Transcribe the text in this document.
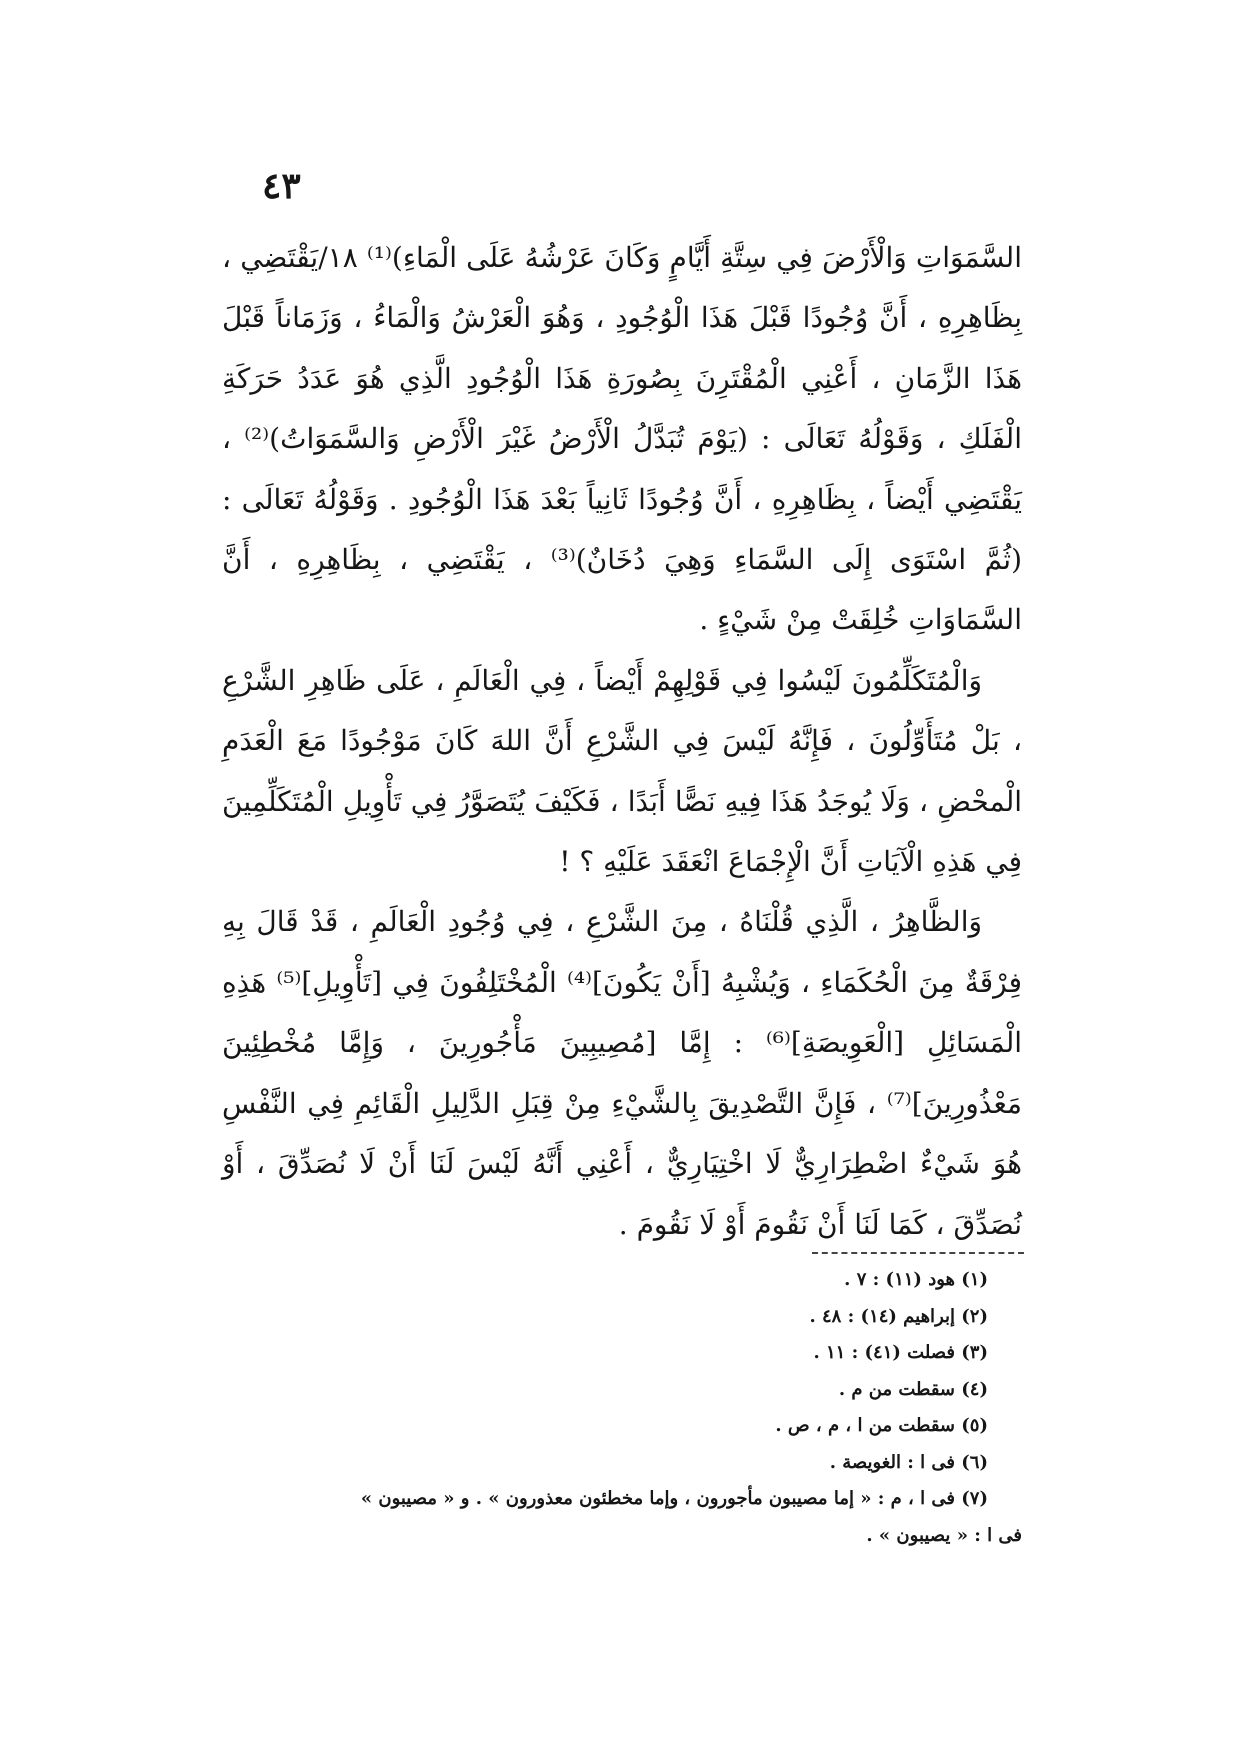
٤٣

السَّمَوَاتِ وَالْأَرْضَ فِي سِتَّةِ أَيَّامٍ وَكَانَ عَرْشُهُ عَلَى الْمَاءِ)⁽¹⁾ ١٨/يَقْتَضِي ، بِظَاهِرِهِ ، أَنَّ وُجُودًا قَبْلَ هَذَا الْوُجُودِ ، وَهُوَ الْعَرْشُ وَالْمَاءُ ، وَزَمَاناً قَبْلَ هَذَا الزَّمَانِ ، أَعْنِي الْمُقْتَرِنَ بِصُورَةِ هَذَا الْوُجُودِ الَّذِي هُوَ عَدَدُ حَرَكَةِ الْفَلَكِ ، وَقَوْلُهُ تَعَالَى : (يَوْمَ تُبَدَّلُ الْأَرْضُ غَيْرَ الْأَرْضِ وَالسَّمَوَاتُ)⁽²⁾ ، يَقْتَضِي أَيْضاً ، بِظَاهِرِهِ ، أَنَّ وُجُودًا ثَانِياً بَعْدَ هَذَا الْوُجُودِ . وَقَوْلُهُ تَعَالَى : (ثُمَّ اسْتَوَى إِلَى السَّمَاءِ وَهِيَ دُخَانٌ)⁽³⁾ ، يَقْتَضِي ، بِظَاهِرِهِ ، أَنَّ السَّمَاوَاتِ خُلِقَتْ مِنْ شَيْءٍ .

وَالْمُتَكَلِّمُونَ لَيْسُوا فِي قَوْلِهِمْ أَيْضاً ، فِي الْعَالَمِ ، عَلَى ظَاهِرِ الشَّرْعِ ، بَلْ مُتَأَوِّلُونَ ، فَإِنَّهُ لَيْسَ فِي الشَّرْعِ أَنَّ اللهَ كَانَ مَوْجُودًا مَعَ الْعَدَمِ الْمحْضِ ، وَلَا يُوجَدُ هَذَا فِيهِ نَصًّا أَبَدًا ، فَكَيْفَ يُتَصَوَّرُ فِي تَأْوِيلِ الْمُتَكَلِّمِينَ فِي هَذِهِ الْآيَاتِ أَنَّ الْإِجْمَاعَ انْعَقَدَ عَلَيْهِ ؟ !

وَالظَّاهِرُ ، الَّذِي قُلْنَاهُ ، مِنَ الشَّرْعِ ، فِي وُجُودِ الْعَالَمِ ، قَدْ قَالَ بِهِ فِرْقَةٌ مِنَ الْحُكَمَاءِ ، وَيُشْبِهُ [أَنْ يَكُونَ]⁽⁴⁾ الْمُخْتَلِفُونَ فِي [تَأْوِيلِ]⁽⁵⁾ هَذِهِ الْمَسَائِلِ [الْعَوِيصَةِ]⁽⁶⁾ : إِمَّا [مُصِيبِينَ مَأْجُورِينَ ، وَإِمَّا مُخْطِئِينَ مَعْذُورِينَ]⁽⁷⁾ ، فَإِنَّ التَّصْدِيقَ بِالشَّيْءِ مِنْ قِبَلِ الدَّلِيلِ الْقَائِمِ فِي النَّفْسِ هُوَ شَيْءٌ اضْطِرَارِيٌّ لَا اخْتِيَارِيٌّ ، أَعْنِي أَنَّهُ لَيْسَ لَنَا أَنْ لَا نُصَدِّقَ ، أَوْ نُصَدِّقَ ، كَمَا لَنَا أَنْ نَقُومَ أَوْ لَا نَقُومَ .

(١) هود (١١) : ٧ .

(٢) إبراهيم (١٤) : ٤٨ .

(٣) فصلت (٤١) : ١١ .

(٤) سقطت من م .

(٥) سقطت من ا ، م ، ص .

(٦) فى ا : الغويصة .

(٧) فى ا ، م : « إما مصيبون مأجورون ، وإما مخطئون معذورون » . و « مصيبون »

فى ا : « يصيبون » .
